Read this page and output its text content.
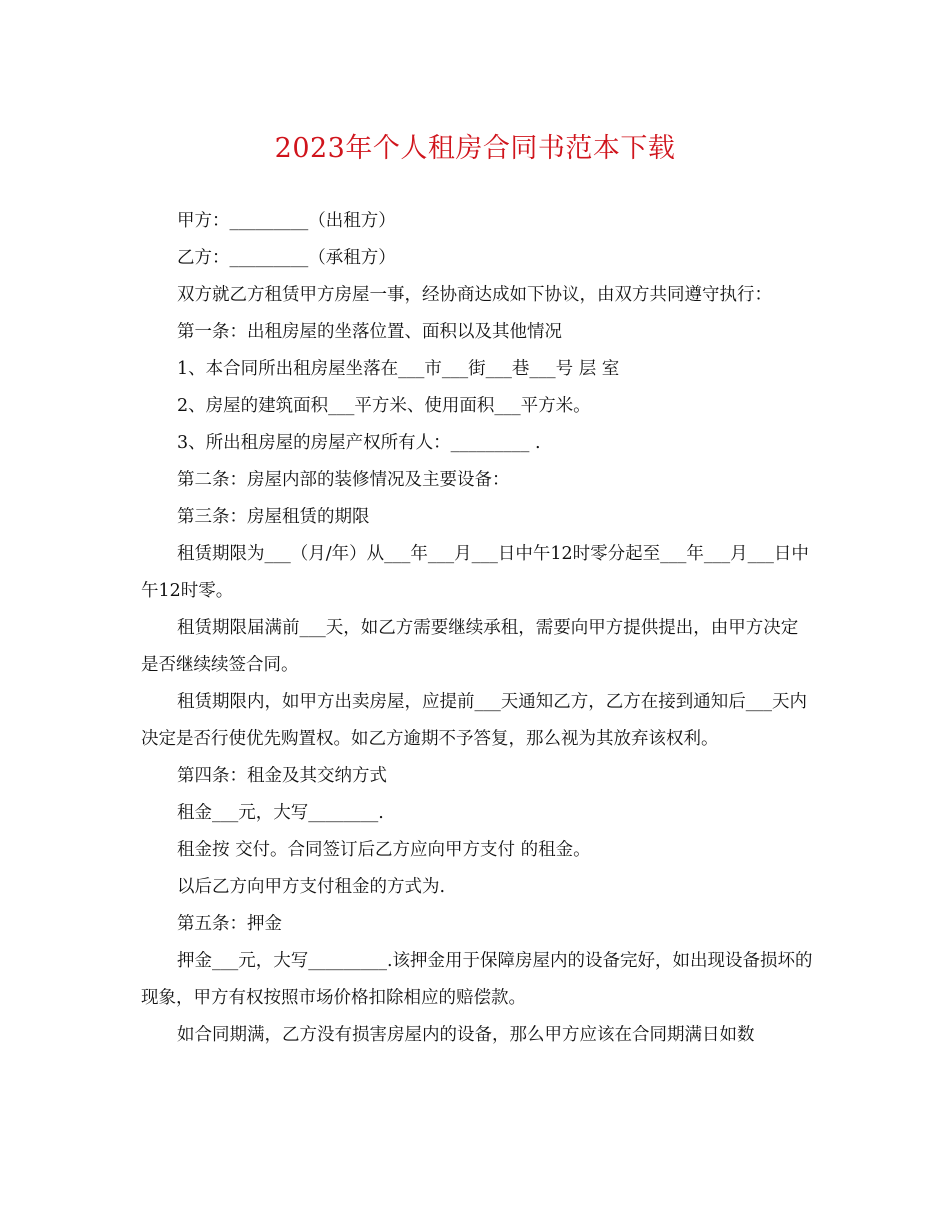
2023年个人租房合同书范本下载

甲方：_________（出租方）

乙方：_________（承租方）

双方就乙方租赁甲方房屋一事，经协商达成如下协议，由双方共同遵守执行：

第一条：出租房屋的坐落位置、面积以及其他情况

1、本合同所出租房屋坐落在___市___街___巷___号 层 室

2、房屋的建筑面积___平方米、使用面积___平方米。

3、所出租房屋的房屋产权所有人：_________ .

第二条：房屋内部的装修情况及主要设备：

第三条：房屋租赁的期限

租赁期限为___（月/年）从___年___月___日中午12时零分起至___年___月___日中午12时零。

租赁期限届满前___天，如乙方需要继续承租，需要向甲方提供提出，由甲方决定是否继续续签合同。

租赁期限内，如甲方出卖房屋，应提前___天通知乙方，乙方在接到通知后___天内决定是否行使优先购置权。如乙方逾期不予答复，那么视为其放弃该权利。

第四条：租金及其交纳方式

租金___元，大写________.

租金按 交付。合同签订后乙方应向甲方支付 的租金。

以后乙方向甲方支付租金的方式为.

第五条：押金

押金___元，大写_________.该押金用于保障房屋内的设备完好，如出现设备损坏的现象，甲方有权按照市场价格扣除相应的赔偿款。

如合同期满，乙方没有损害房屋内的设备，那么甲方应该在合同期满日如数
